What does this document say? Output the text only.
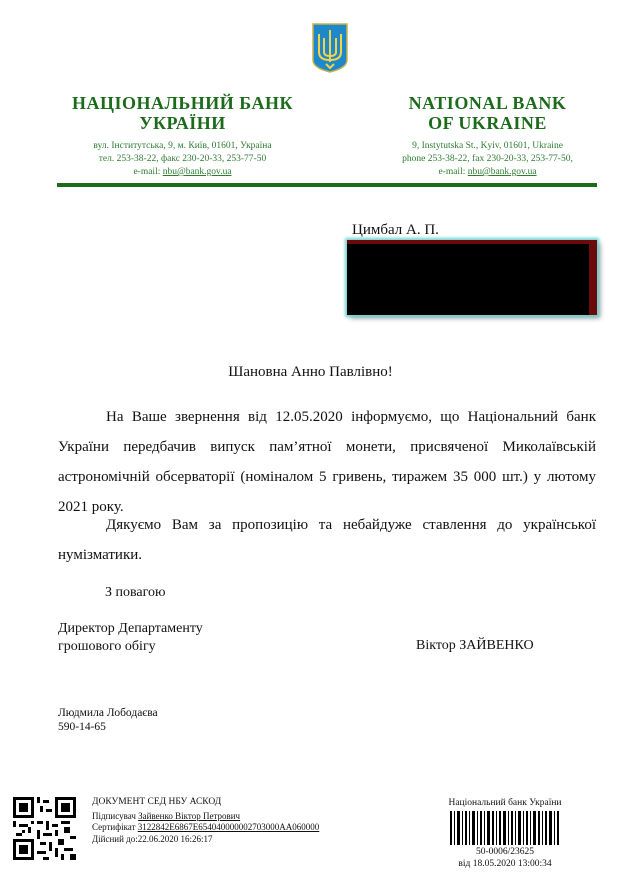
НАЦІОНАЛЬНИЙ БАНК
УКРАЇНИ
вул. Інститутська, 9, м. Київ, 01601, Україна
тел. 253-38-22, факс 230-20-33, 253-77-50
e-mail: nbu@bank.gov.ua
NATIONAL BANK
OF UKRAINE
9, Instytutska St., Kyiv, 01601, Ukraine
phone 253-38-22, fax 230-20-33, 253-77-50,
e-mail: nbu@bank.gov.ua
Цимбал А. П.
Шановна Анно Павлівно!
На Ваше звернення від 12.05.2020 інформуємо, що Національний банк України передбачив випуск пам’ятної монети, присвяченої Миколаївській астрономічній обсерваторії (номіналом 5 гривень, тиражем 35 000 шт.) у лютому 2021 року.
Дякуємо Вам за пропозицію та небайдуже ставлення до української нумізматики.
З повагою
Директор Департаменту
грошового обігу	Віктор ЗАЙВЕНКО
Людмила Лободаєва
590-14-65
ДОКУМЕНТ СЕД НБУ АСКОД
Підписувач Зайвенко Віктор Петрович
Сертифікат 3122842E6867E654040000002703000AA060000
Дійсний до:22.06.2020 16:26:17
Національний банк України
50-0006/23625
від 18.05.2020 13:00:34
